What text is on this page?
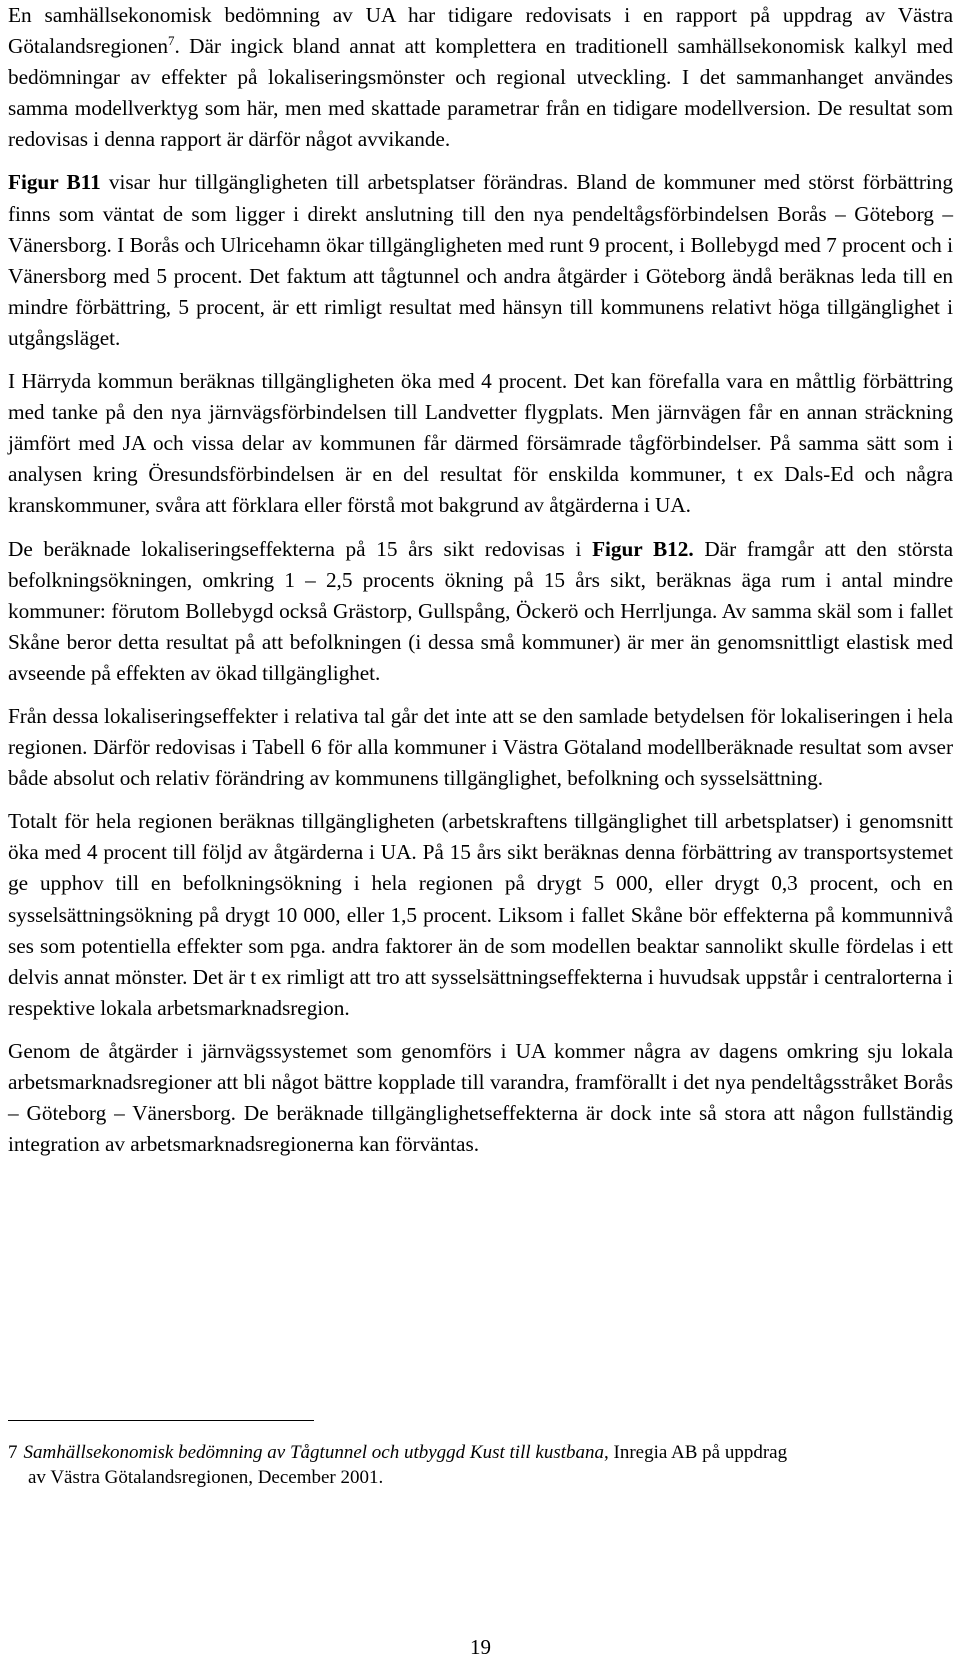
En samhällsekonomisk bedömning av UA har tidigare redovisats i en rapport på uppdrag av Västra Götalandsregionen$^7$. Där ingick bland annat att komplettera en traditionell samhällsekonomisk kalkyl med bedömningar av effekter på lokaliseringsmönster och regional utveckling. I det sammanhanget användes samma modellverktyg som här, men med skattade parametrar från en tidigare modellversion. De resultat som redovisas i denna rapport är därför något avvikande.

Figur B11 visar hur tillgängligheten till arbetsplatser förändras. Bland de kommuner med störst förbättring finns som väntat de som ligger i direkt anslutning till den nya pendeltågsförbindelsen Borås – Göteborg – Vänersborg. I Borås och Ulricehamn ökar tillgängligheten med runt 9 procent, i Bollebygd med 7 procent och i Vänersborg med 5 procent. Det faktum att tågtunnel och andra åtgärder i Göteborg ändå beräknas leda till en mindre förbättring, 5 procent, är ett rimligt resultat med hänsyn till kommunens relativt höga tillgänglighet i utgångsläget.

I Härryda kommun beräknas tillgängligheten öka med 4 procent. Det kan förefalla vara en måttlig förbättring med tanke på den nya järnvägsförbindelsen till Landvetter flygplats. Men järnvägen får en annan sträckning jämfört med JA och vissa delar av kommunen får därmed försämrade tågförbindelser. På samma sätt som i analysen kring Öresundsförbindelsen är en del resultat för enskilda kommuner, t ex Dals-Ed och några kranskommuner, svåra att förklara eller förstå mot bakgrund av åtgärderna i UA.

De beräknade lokaliseringseffekterna på 15 års sikt redovisas i Figur B12. Där framgår att den största befolkningsökningen, omkring 1 – 2,5 procents ökning på 15 års sikt, beräknas äga rum i antal mindre kommuner: förutom Bollebygd också Grästorp, Gullspång, Öckerö och Herrljunga. Av samma skäl som i fallet Skåne beror detta resultat på att befolkningen (i dessa små kommuner) är mer än genomsnittligt elastisk med avseende på effekten av ökad tillgänglighet.

Från dessa lokaliseringseffekter i relativa tal går det inte att se den samlade betydelsen för lokaliseringen i hela regionen. Därför redovisas i Tabell 6 för alla kommuner i Västra Götaland modellberäknade resultat som avser både absolut och relativ förändring av kommunens tillgänglighet, befolkning och sysselsättning.

Totalt för hela regionen beräknas tillgängligheten (arbetskraftens tillgänglighet till arbetsplatser) i genomsnitt öka med 4 procent till följd av åtgärderna i UA. På 15 års sikt beräknas denna förbättring av transportsystemet ge upphov till en befolkningsökning i hela regionen på drygt 5 000, eller drygt 0,3 procent, och en sysselsättningsökning på drygt 10 000, eller 1,5 procent. Liksom i fallet Skåne bör effekterna på kommunnivå ses som potentiella effekter som pga. andra faktorer än de som modellen beaktar sannolikt skulle fördelas i ett delvis annat mönster. Det är t ex rimligt att tro att sysselsättningseffekterna i huvudsak uppstår i centralorterna i respektive lokala arbetsmarknadsregion.

Genom de åtgärder i järnvägssystemet som genomförs i UA kommer några av dagens omkring sju lokala arbetsmarknadsregioner att bli något bättre kopplade till varandra, framförallt i det nya pendeltågsstråket Borås – Göteborg – Vänersborg. De beräknade tillgänglighetseffekterna är dock inte så stora att någon fullständig integration av arbetsmarknadsregionerna kan förväntas.

7 Samhällsekonomisk bedömning av Tågtunnel och utbyggd Kust till kustbana, Inregia AB på uppdrag
av Västra Götalandsregionen, December 2001.
19
